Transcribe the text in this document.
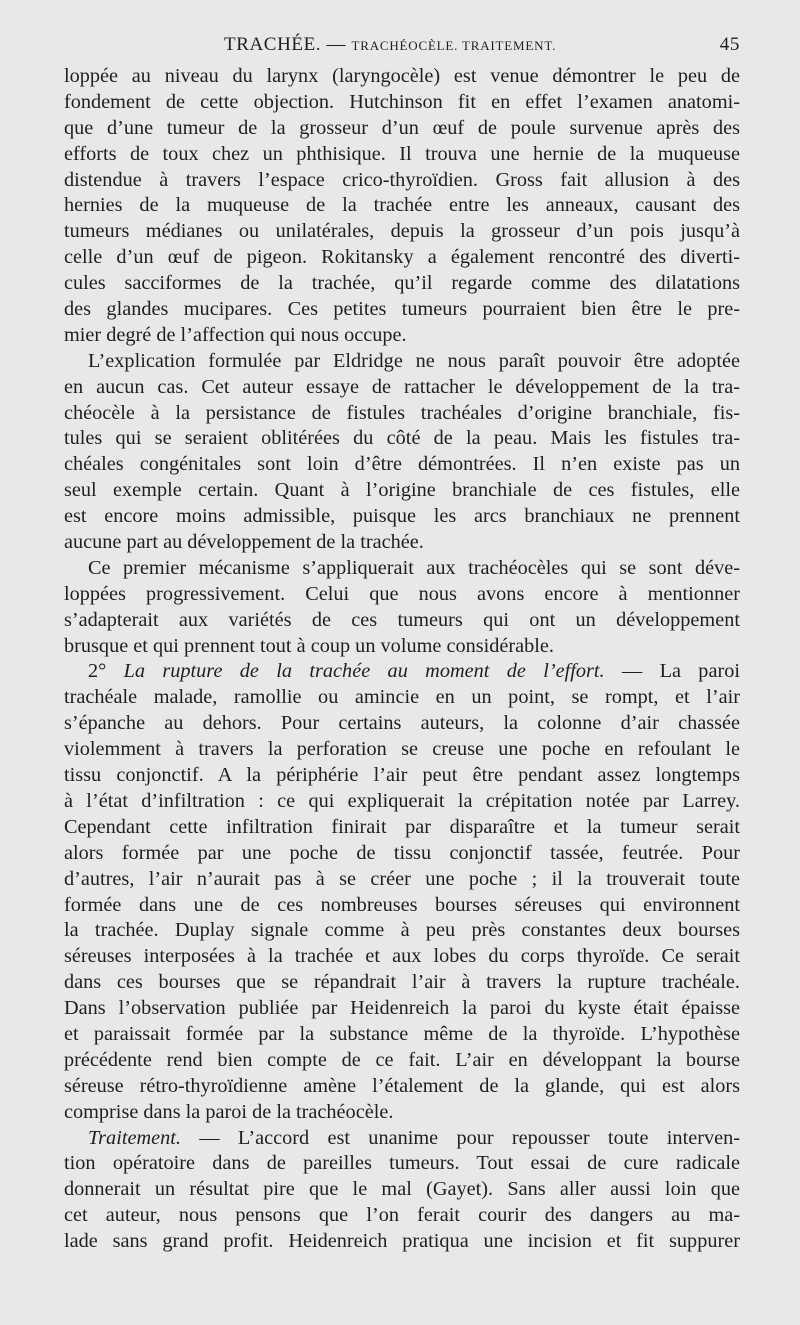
TRACHÉE. — TRACHÉOCÈLE. TRAITEMENT.	45
loppée au niveau du larynx (laryngocèle) est venue démontrer le peu de
fondement de cette objection. Hutchinson fit en effet l’examen anatomi-
que d’une tumeur de la grosseur d’un œuf de poule survenue après des
efforts de toux chez un phthisique. Il trouva une hernie de la muqueuse
distendue à travers l’espace crico-thyroïdien. Gross fait allusion à des
hernies de la muqueuse de la trachée entre les anneaux, causant des
tumeurs médianes ou unilatérales, depuis la grosseur d’un pois jusqu’à
celle d’un œuf de pigeon. Rokitansky a également rencontré des diverti-
cules sacciformes de la trachée, qu’il regarde comme des dilatations
des glandes mucipares. Ces petites tumeurs pourraient bien être le pre-
mier degré de l’affection qui nous occupe.
L’explication formulée par Eldridge ne nous paraît pouvoir être adoptée
en aucun cas. Cet auteur essaye de rattacher le développement de la tra-
chéocèle à la persistance de fistules trachéales d’origine branchiale, fis-
tules qui se seraient oblitérées du côté de la peau. Mais les fistules tra-
chéales congénitales sont loin d’être démontrées. Il n’en existe pas un
seul exemple certain. Quant à l’origine branchiale de ces fistules, elle
est encore moins admissible, puisque les arcs branchiaux ne prennent
aucune part au développement de la trachée.
Ce premier mécanisme s’appliquerait aux trachéocèles qui se sont déve-
loppées progressivement. Celui que nous avons encore à mentionner
s’adapterait aux variétés de ces tumeurs qui ont un développement
brusque et qui prennent tout à coup un volume considérable.
2° La rupture de la trachée au moment de l’effort. — La paroi
trachéale malade, ramollie ou amincie en un point, se rompt, et l’air
s’épanche au dehors. Pour certains auteurs, la colonne d’air chassée
violemment à travers la perforation se creuse une poche en refoulant le
tissu conjonctif. A la périphérie l’air peut être pendant assez longtemps
à l’état d’infiltration : ce qui expliquerait la crépitation notée par Larrey.
Cependant cette infiltration finirait par disparaître et la tumeur serait
alors formée par une poche de tissu conjonctif tassée, feutrée. Pour
d’autres, l’air n’aurait pas à se créer une poche ; il la trouverait toute
formée dans une de ces nombreuses bourses séreuses qui environnent
la trachée. Duplay signale comme à peu près constantes deux bourses
séreuses interposées à la trachée et aux lobes du corps thyroïde. Ce serait
dans ces bourses que se répandrait l’air à travers la rupture trachéale.
Dans l’observation publiée par Heidenreich la paroi du kyste était épaisse
et paraissait formée par la substance même de la thyroïde. L’hypothèse
précédente rend bien compte de ce fait. L’air en développant la bourse
séreuse rétro-thyroïdienne amène l’étalement de la glande, qui est alors
comprise dans la paroi de la trachéocèle.
Traitement. — L’accord est unanime pour repousser toute interven-
tion opératoire dans de pareilles tumeurs. Tout essai de cure radicale
donnerait un résultat pire que le mal (Gayet). Sans aller aussi loin que
cet auteur, nous pensons que l’on ferait courir des dangers au ma-
lade sans grand profit. Heidenreich pratiqua une incision et fit suppurer
